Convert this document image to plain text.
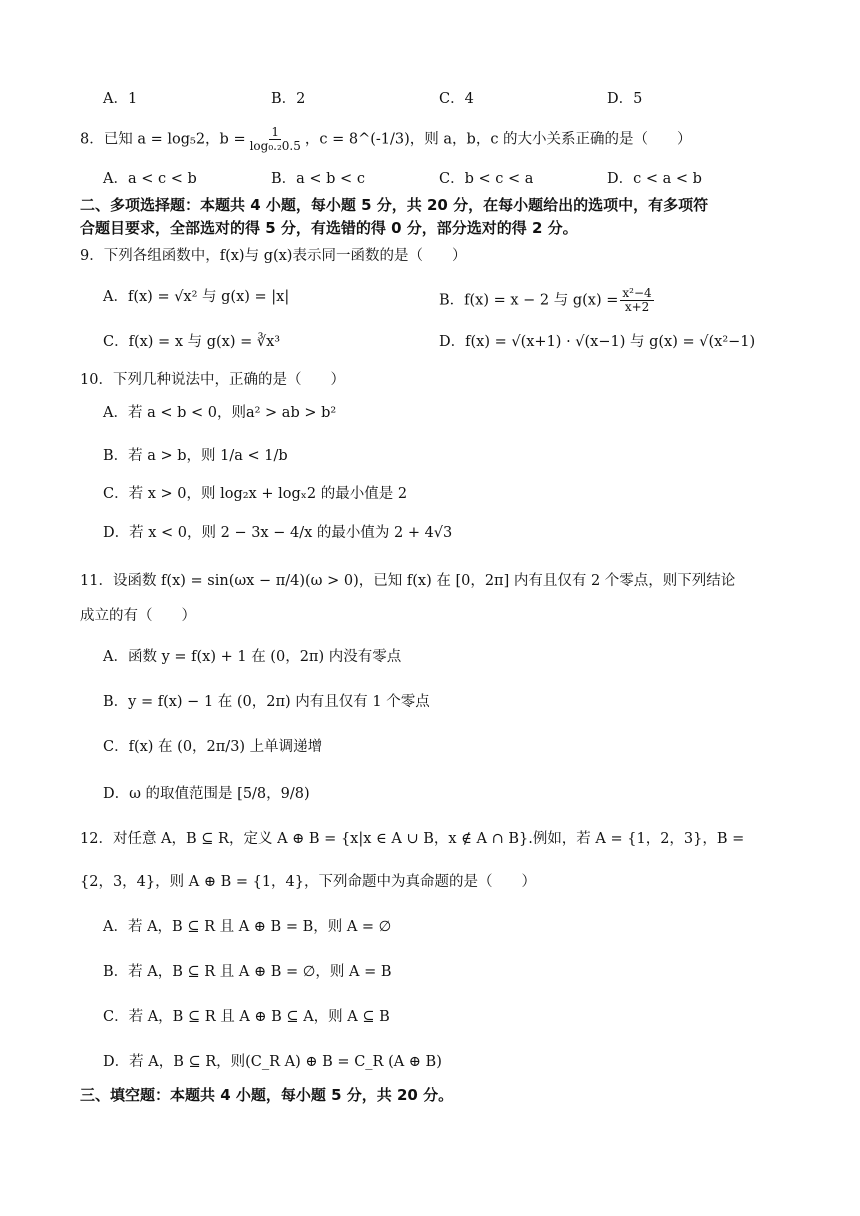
A．1	B．2	C．4	D．5
8．已知 a = log₅2，$b = \frac{1}{\text{log₀.₂0.5}}$ ，c = 8^(-1/3)，则 a，b，c 的大小关系正确的是（　　）
A．a < c < b	B．a < b < c	C．b < c < a	D．c < a < b
二、多项选择题：本题共 4 小题，每小题 5 分，共 20 分，在每小题给出的选项中，有多项符
合题目要求，全部选对的得 5 分，有选错的得 0 分，部分选对的得 2 分。
9．下列各组函数中，f(x)与 g(x)表示同一函数的是（　　）
A．f(x) = √x² 与 g(x) = |x|	B．f(x) = x − 2 与 $g(x) = \frac{\text{x²−4}}{x+2}$
C．f(x) = x 与 g(x) = ∛x³	D．f(x) = √(x+1) · √(x−1) 与 g(x) = √(x²−1)
10．下列几种说法中，正确的是（　　）
A．若 a < b < 0，则a² > ab > b²
B．若 a > b，则 1/a < 1/b
C．若 x > 0，则 log₂x + logₓ2 的最小值是 2
D．若 x < 0，则 2 − 3x − 4/x 的最小值为 2 + 4√3
11．设函数 f(x) = sin(ωx − π/4)(ω > 0)，已知 f(x) 在 [0，2π] 内有且仅有 2 个零点，则下列结论
成立的有（　　）
A．函数 y = f(x) + 1 在 (0，2π) 内没有零点
B．y = f(x) − 1 在 (0，2π) 内有且仅有 1 个零点
C．f(x) 在 (0，2π/3) 上单调递增
D．ω 的取值范围是 [5/8，9/8)
12．对任意 A，B ⊆ R，定义 A ⊕ B = {x|x ∈ A ∪ B，x ∉ A ∩ B}.例如，若 A = {1，2，3}，B =
{2，3，4}，则 A ⊕ B = {1，4}，下列命题中为真命题的是（　　）
A．若 A，B ⊆ R 且 A ⊕ B = B，则 A = ∅
B．若 A，B ⊆ R 且 A ⊕ B = ∅，则 A = B
C．若 A，B ⊆ R 且 A ⊕ B ⊆ A，则 A ⊆ B
D．若 A，B ⊆ R，则(C_R A) ⊕ B = C_R (A ⊕ B)
三、填空题：本题共 4 小题，每小题 5 分，共 20 分。
